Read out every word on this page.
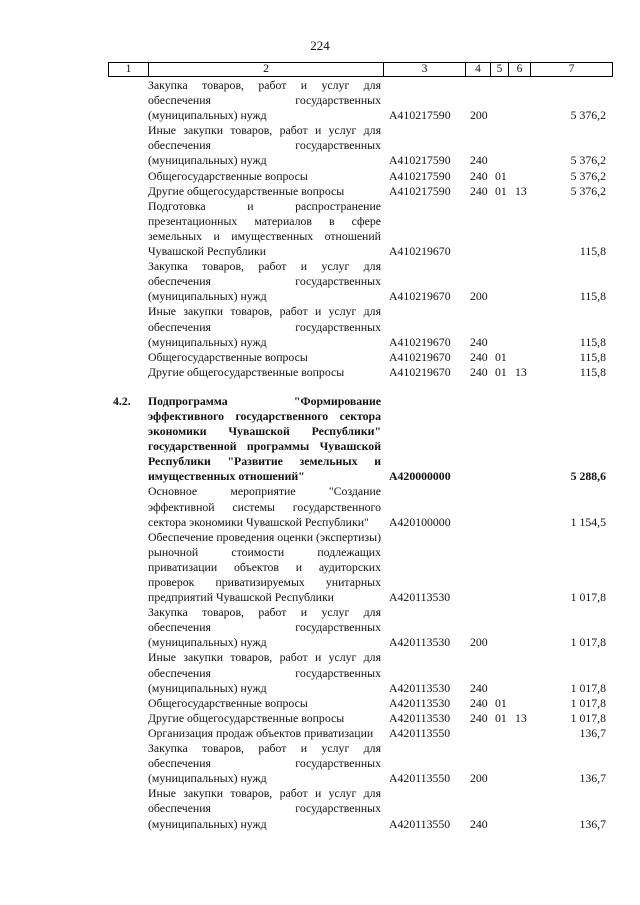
224
1	2	3	4	5	6	7
Закупка товаров, работ и услуг для обеспечения государственных (муниципальных) нужд	А410217590 200	5 376,2
Иные закупки товаров, работ и услуг для обеспечения государственных (муниципальных) нужд	А410217590 240	5 376,2
Общегосударственные вопросы	А410217590 240 01	5 376,2
Другие общегосударственные вопросы	А410217590 240 01 13	5 376,2
Подготовка и распространение презентационных материалов в сфере земельных и имущественных отношений Чувашской Республики	А410219670	115,8
Закупка товаров, работ и услуг для обеспечения государственных (муниципальных) нужд	А410219670 200	115,8
Иные закупки товаров, работ и услуг для обеспечения государственных (муниципальных) нужд	А410219670 240	115,8
Общегосударственные вопросы	А410219670 240 01	115,8
Другие общегосударственные вопросы	А410219670 240 01 13	115,8
4.2. Подпрограмма "Формирование эффективного государственного сектора экономики Чувашской Республики" государственной программы Чувашской Республики "Развитие земельных и имущественных отношений"	А420000000	5 288,6
Основное мероприятие "Создание эффективной системы государственного сектора экономики Чувашской Республики"	А420100000	1 154,5
Обеспечение проведения оценки (экспертизы) рыночной стоимости подлежащих приватизации объектов и аудиторских проверок приватизируемых унитарных предприятий Чувашской Республики	А420113530	1 017,8
Закупка товаров, работ и услуг для обеспечения государственных (муниципальных) нужд	А420113530 200	1 017,8
Иные закупки товаров, работ и услуг для обеспечения государственных (муниципальных) нужд	А420113530 240	1 017,8
Общегосударственные вопросы	А420113530 240 01	1 017,8
Другие общегосударственные вопросы	А420113530 240 01 13	1 017,8
Организация продаж объектов приватизации	А420113550	136,7
Закупка товаров, работ и услуг для обеспечения государственных (муниципальных) нужд	А420113550 200	136,7
Иные закупки товаров, работ и услуг для обеспечения государственных (муниципальных) нужд	А420113550 240	136,7
